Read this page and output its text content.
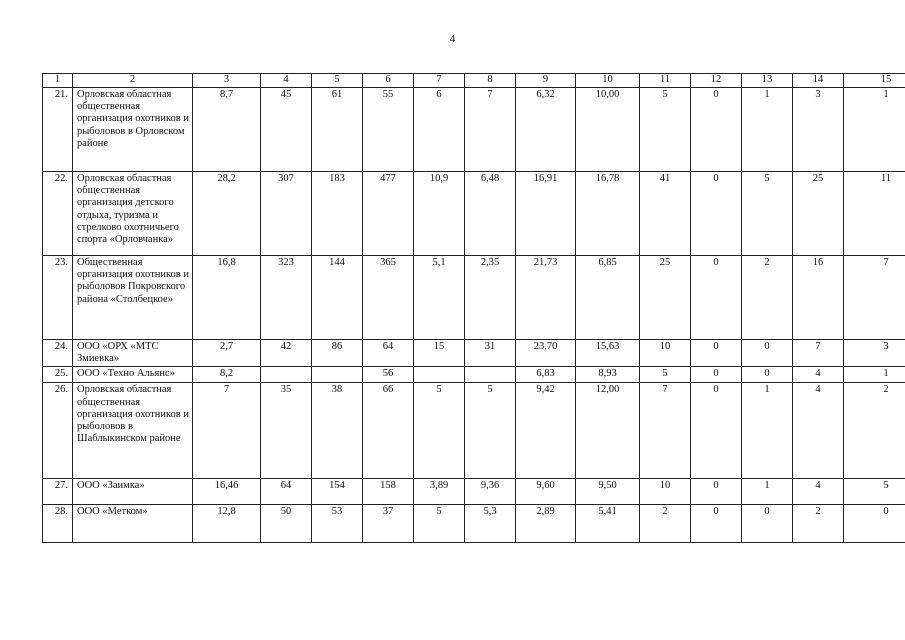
4
1	2	3	4	5	6	7	8	9	10	11	12	13	14	15
21.	Орловская областная общественная организация охотников и рыболовов в Орловском районе	8,7	45	61	55	6	7	6,32	10,00	5	0	1	3	1
22.	Орловская областная общественная организация детского отдыха, туризма и стрелково охотничьего спорта «Орловчанка»	28,2	307	183	477	10,9	6,48	16,91	16,78	41	0	5	25	11
23.	Общественная организация охотников и рыболовов Покровского района «Столбецкое»	16,8	323	144	365	5,1	2,35	21,73	6,85	25	0	2	16	7
24.	ООО «ОРХ «МТС Змиевка»	2,7	42	86	64	15	31	23,70	15,63	10	0	0	7	3
25.	ООО «Техно Альянс»	8,2			56			6,83	8,93	5	0	0	4	1
26.	Орловская областная общественная организация охотников и рыболовов в Шаблыкинском районе	7	35	38	66	5	5	9,42	12,00	7	0	1	4	2
27.	ООО «Заимка»	16,46	64	154	158	3,89	9,36	9,60	9,50	10	0	1	4	5
28.	ООО «Метком»	12,8	50	53	37	5	5,3	2,89	5,41	2	0	0	2	0
